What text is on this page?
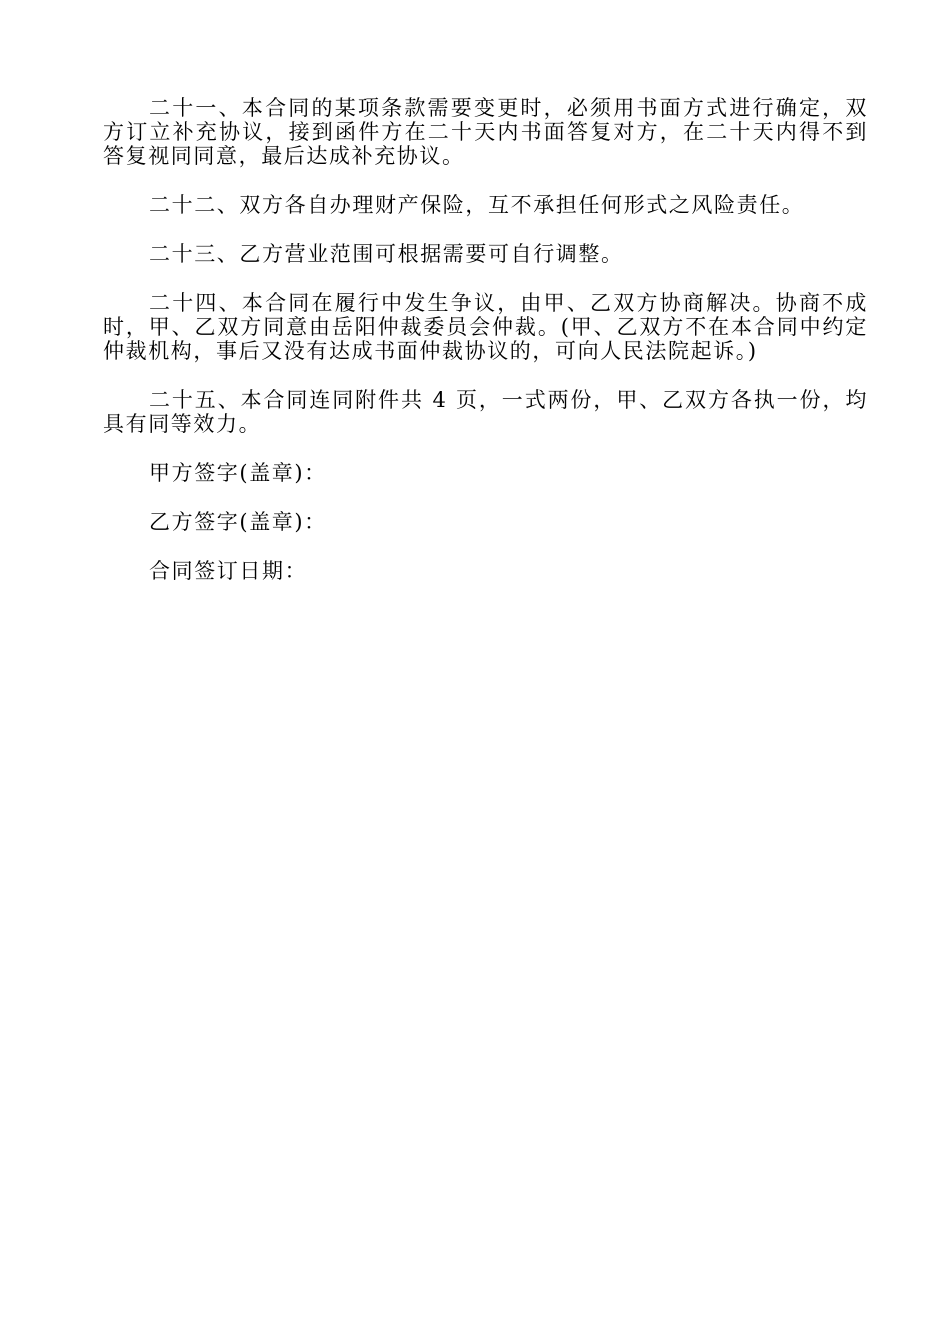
二十一、本合同的某项条款需要变更时，必须用书面方式进行确定，双方订立补充协议，接到函件方在二十天内书面答复对方，在二十天内得不到答复视同同意，最后达成补充协议。

二十二、双方各自办理财产保险，互不承担任何形式之风险责任。

二十三、乙方营业范围可根据需要可自行调整。

二十四、本合同在履行中发生争议，由甲、乙双方协商解决。协商不成时，甲、乙双方同意由岳阳仲裁委员会仲裁。(甲、乙双方不在本合同中约定仲裁机构，事后又没有达成书面仲裁协议的，可向人民法院起诉。)

二十五、本合同连同附件共 4 页，一式两份，甲、乙双方各执一份，均具有同等效力。

甲方签字(盖章)：

乙方签字(盖章)：

合同签订日期：
